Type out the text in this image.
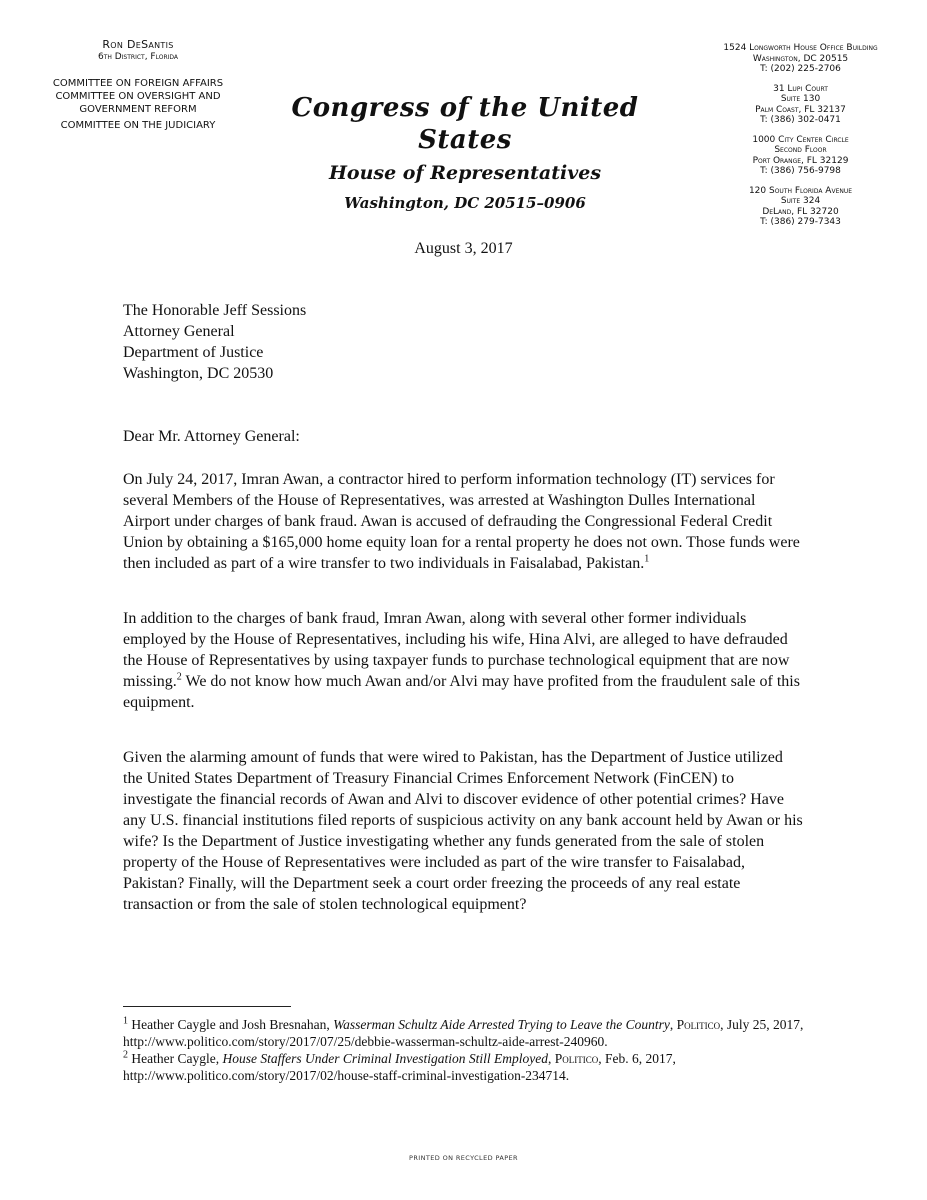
Ron DeSantis
6th District, Florida
COMMITTEE ON FOREIGN AFFAIRS
COMMITTEE ON OVERSIGHT AND
GOVERNMENT REFORM
COMMITTEE ON THE JUDICIARY
Congress of the United States
House of Representatives
Washington, DC 20515–0906
1524 Longworth House Office Building
Washington, DC 20515
T: (202) 225-2706
31 Lupi Court
Suite 130
Palm Coast, FL 32137
T: (386) 302-0471
1000 City Center Circle
Second Floor
Port Orange, FL 32129
T: (386) 756-9798
120 South Florida Avenue
Suite 324
DeLand, FL 32720
T: (386) 279-7343
August 3, 2017
The Honorable Jeff Sessions
Attorney General
Department of Justice
Washington, DC 20530
Dear Mr. Attorney General:

On July 24, 2017, Imran Awan, a contractor hired to perform information technology (IT) services for several Members of the House of Representatives, was arrested at Washington Dulles International Airport under charges of bank fraud. Awan is accused of defrauding the Congressional Federal Credit Union by obtaining a $165,000 home equity loan for a rental property he does not own. Those funds were then included as part of a wire transfer to two individuals in Faisalabad, Pakistan.$^1$

In addition to the charges of bank fraud, Imran Awan, along with several other former individuals employed by the House of Representatives, including his wife, Hina Alvi, are alleged to have defrauded the House of Representatives by using taxpayer funds to purchase technological equipment that are now missing.$^2$ We do not know how much Awan and/or Alvi may have profited from the fraudulent sale of this equipment.

Given the alarming amount of funds that were wired to Pakistan, has the Department of Justice utilized the United States Department of Treasury Financial Crimes Enforcement Network (FinCEN) to investigate the financial records of Awan and Alvi to discover evidence of other potential crimes? Have any U.S. financial institutions filed reports of suspicious activity on any bank account held by Awan or his wife? Is the Department of Justice investigating whether any funds generated from the sale of stolen property of the House of Representatives were included as part of the wire transfer to Faisalabad, Pakistan? Finally, will the Department seek a court order freezing the proceeds of any real estate transaction or from the sale of stolen technological equipment?

$^1$ Heather Caygle and Josh Bresnahan, Wasserman Schultz Aide Arrested Trying to Leave the Country, Politico, July 25, 2017, http://www.politico.com/story/2017/07/25/debbie-wasserman-schultz-aide-arrest-240960.

$^2$ Heather Caygle, House Staffers Under Criminal Investigation Still Employed, Politico, Feb. 6, 2017, http://www.politico.com/story/2017/02/house-staff-criminal-investigation-234714.

PRINTED ON RECYCLED PAPER
